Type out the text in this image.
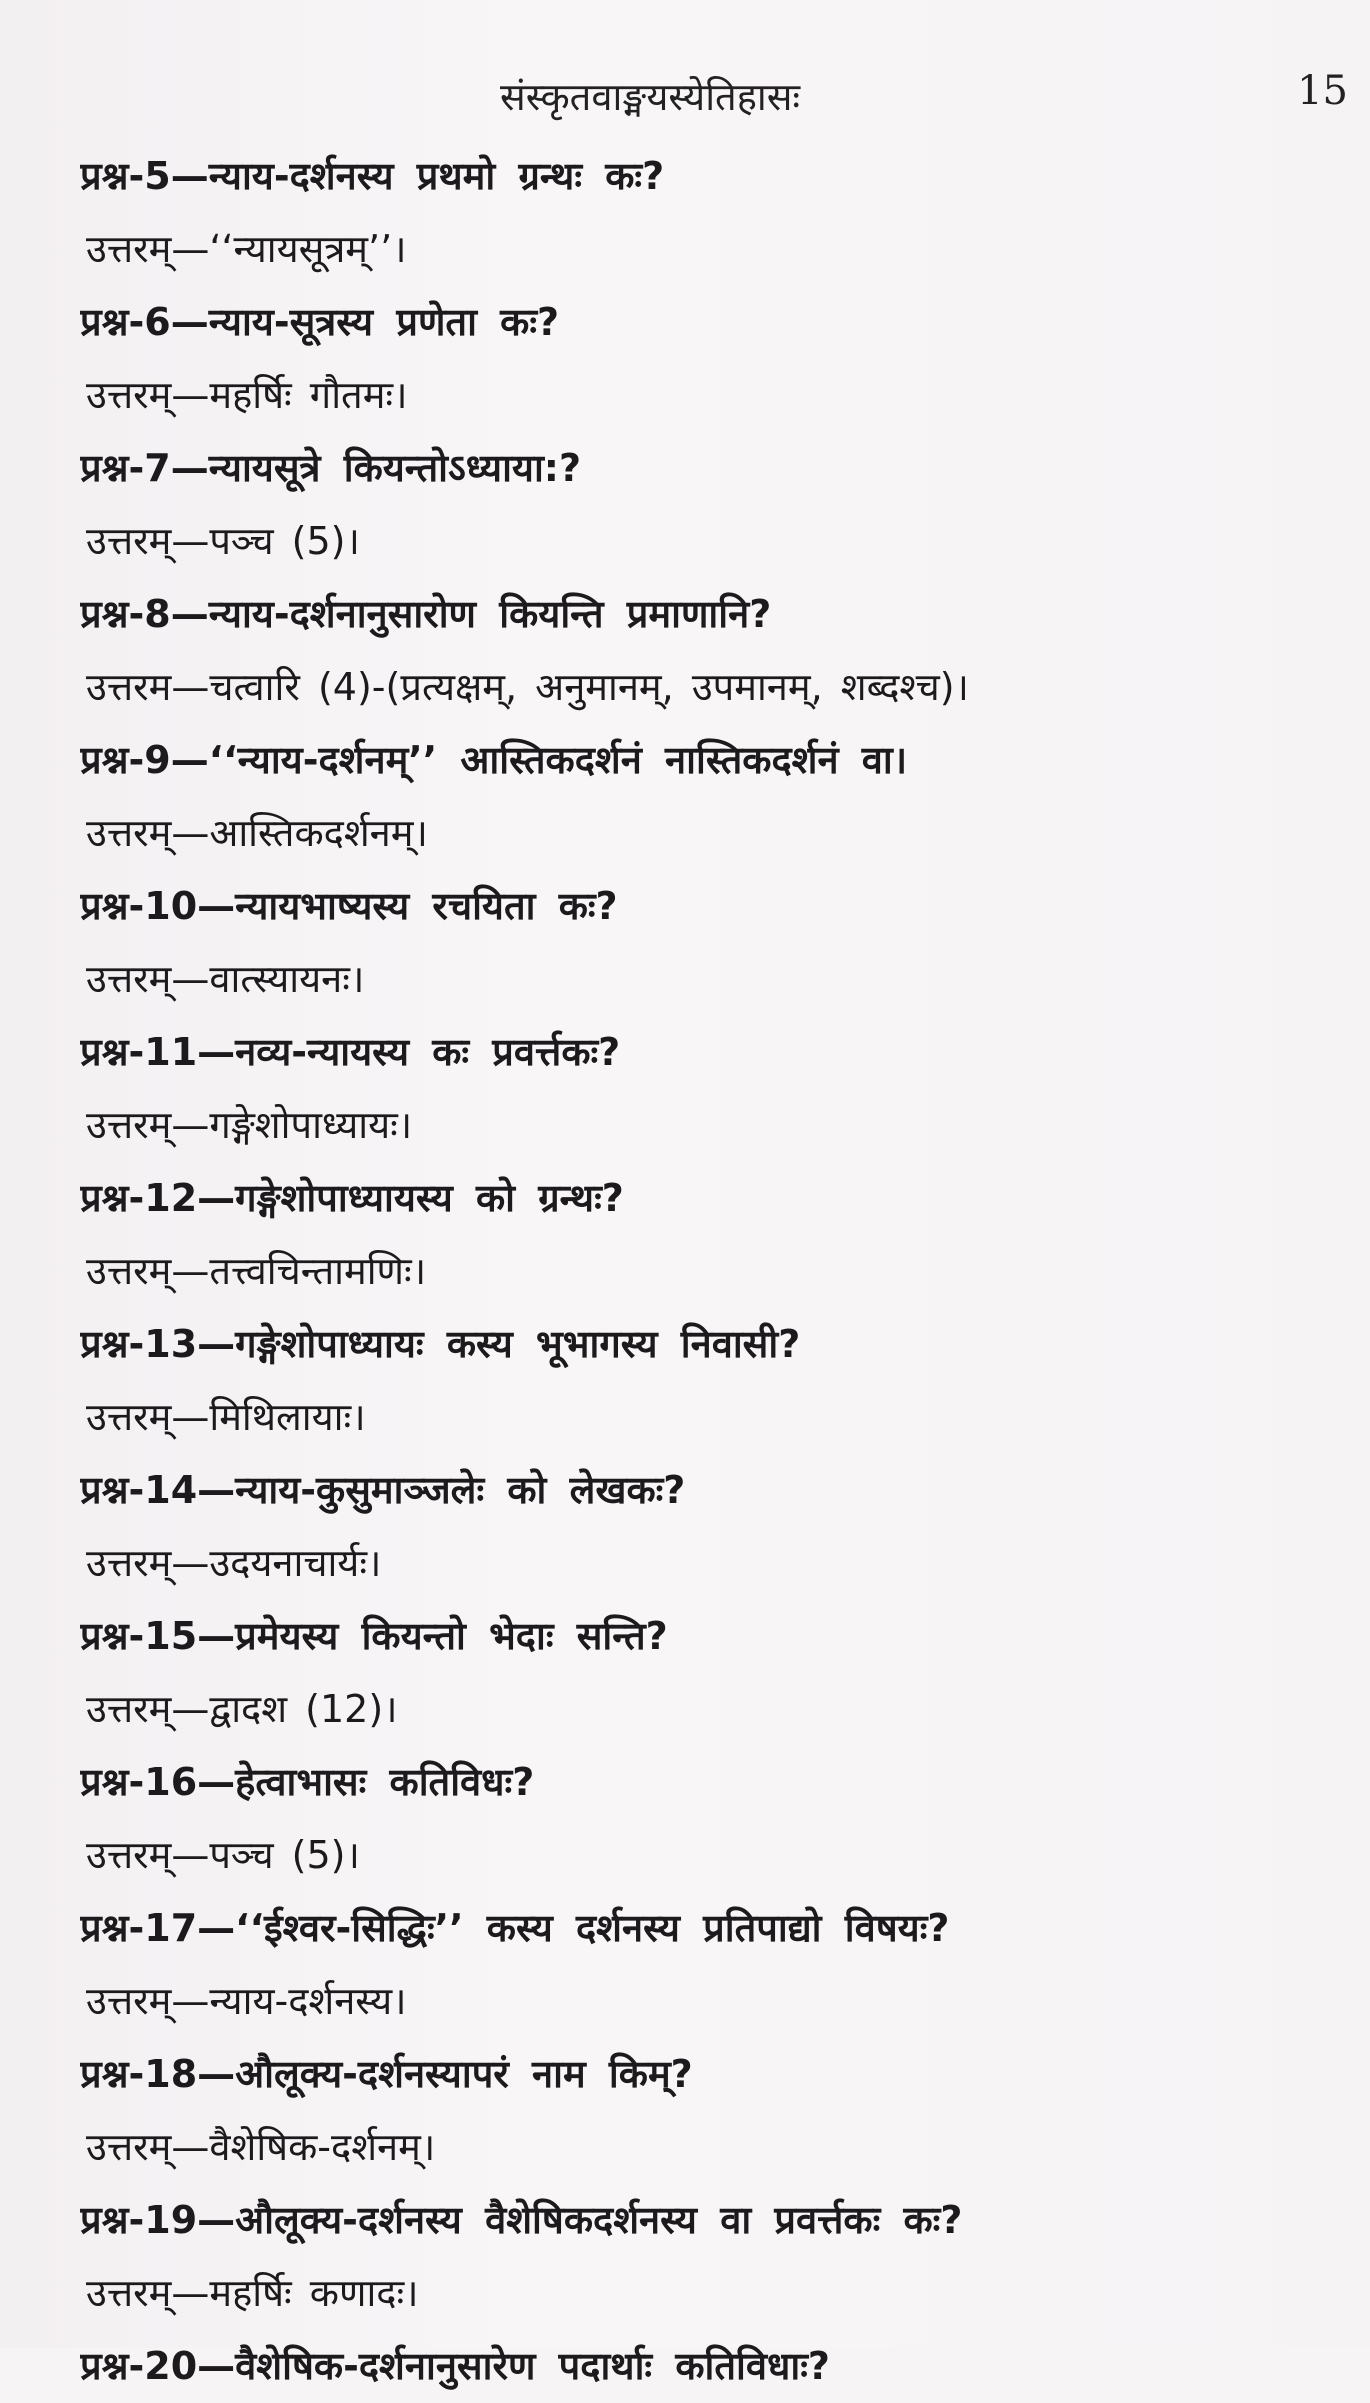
संस्कृतवाङ्मयस्येतिहासः	15
प्रश्न-5—न्याय-दर्शनस्य प्रथमो ग्रन्थः कः?
उत्तरम्—‘‘न्यायसूत्रम्’’।
प्रश्न-6—न्याय-सूत्रस्य प्रणेता कः?
उत्तरम्—महर्षिः गौतमः।
प्रश्न-7—न्यायसूत्रे कियन्तोऽध्याया:?
उत्तरम्—पञ्च (5)।
प्रश्न-8—न्याय-दर्शनानुसारोण कियन्ति प्रमाणानि?
उत्तरम—चत्वारि (4)-(प्रत्यक्षम्, अनुमानम्, उपमानम्, शब्दश्च)।
प्रश्न-9—‘‘न्याय-दर्शनम्’’ आस्तिकदर्शनं नास्तिकदर्शनं वा।
उत्तरम्—आस्तिकदर्शनम्।
प्रश्न-10—न्यायभाष्यस्य रचयिता कः?
उत्तरम्—वात्स्यायनः।
प्रश्न-11—नव्य-न्यायस्य कः प्रवर्त्तकः?
उत्तरम्—गङ्गेशोपाध्यायः।
प्रश्न-12—गङ्गेशोपाध्यायस्य को ग्रन्थः?
उत्तरम्—तत्त्वचिन्तामणिः।
प्रश्न-13—गङ्गेशोपाध्यायः कस्य भूभागस्य निवासी?
उत्तरम्—मिथिलायाः।
प्रश्न-14—न्याय-कुसुमाञ्जलेः को लेखकः?
उत्तरम्—उदयनाचार्यः।
प्रश्न-15—प्रमेयस्य कियन्तो भेदाः सन्ति?
उत्तरम्—द्वादश (12)।
प्रश्न-16—हेत्वाभासः कतिविधः?
उत्तरम्—पञ्च (5)।
प्रश्न-17—‘‘ईश्वर-सिद्धिः’’ कस्य दर्शनस्य प्रतिपाद्यो विषयः?
उत्तरम्—न्याय-दर्शनस्य।
प्रश्न-18—औलूक्य-दर्शनस्यापरं नाम किम्?
उत्तरम्—वैशेषिक-दर्शनम्।
प्रश्न-19—औलूक्य-दर्शनस्य वैशेषिकदर्शनस्य वा प्रवर्त्तकः कः?
उत्तरम्—महर्षिः कणादः।
प्रश्न-20—वैशेषिक-दर्शनानुसारेण पदार्थाः कतिविधाः?
